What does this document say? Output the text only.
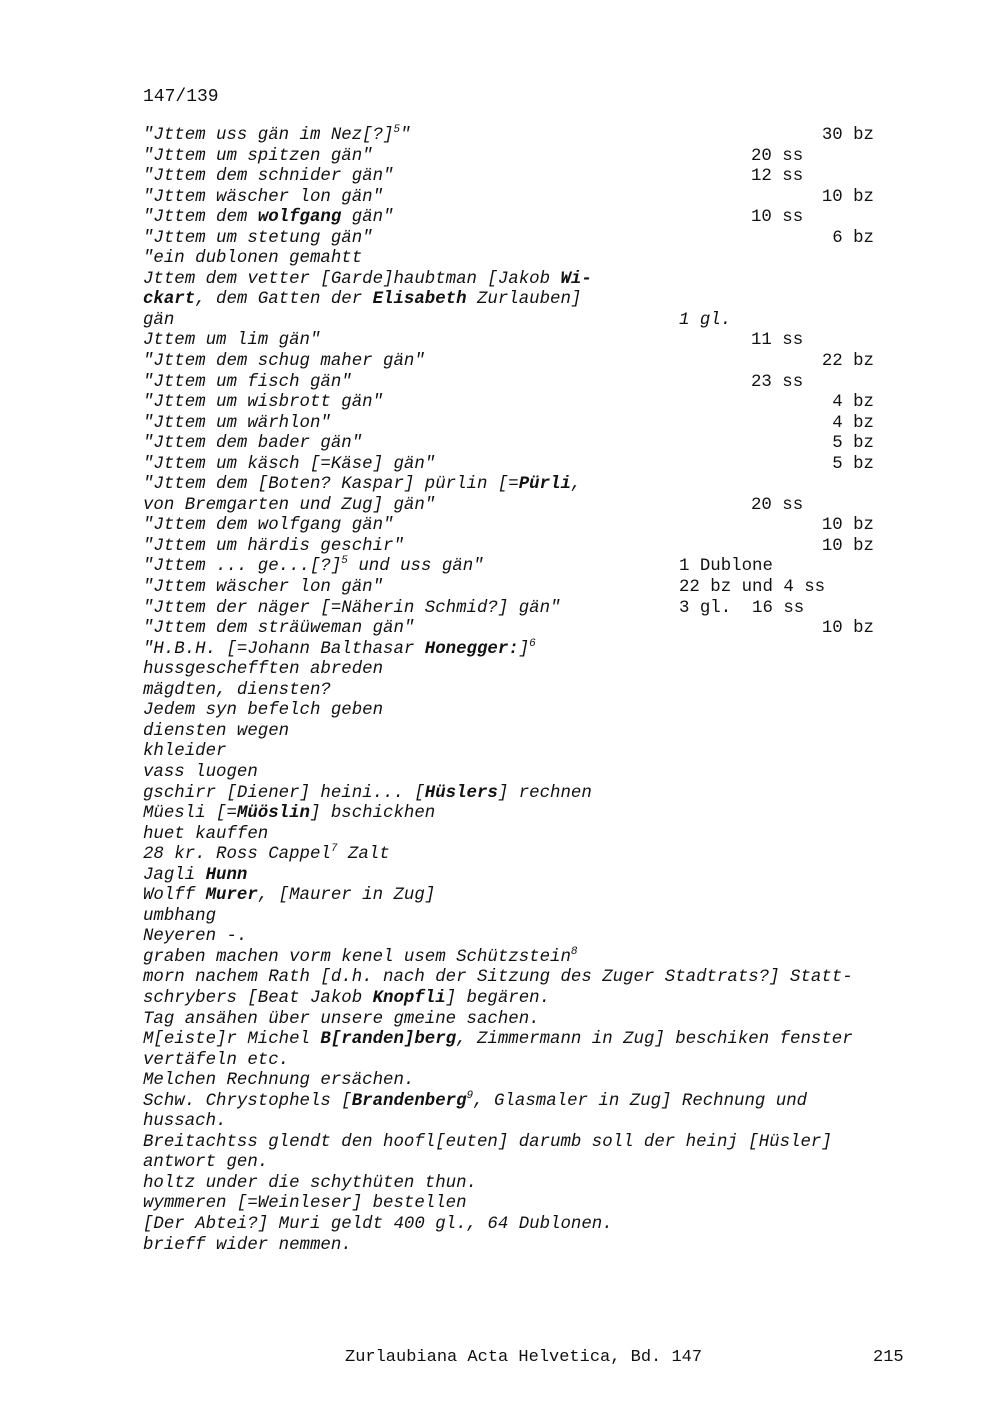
147/139
"Jttem uss gän im Nez[?]$^5$"	30 bz
"Jttem um spitzen gän"	20 ss
"Jttem dem schnider gän"	12 ss
"Jttem wäscher lon gän"	10 bz
"Jttem dem wolfgang gän"	10 ss
"Jttem um stetung gän"	6 bz
"ein dublonen gemahtt
Jttem dem vetter [Garde]haubtman [Jakob Wi-
ckart, dem Gatten der Elisabeth Zurlauben]
gän	1 gl.
Jttem um lim gän"	11 ss
"Jttem dem schug maher gän"	22 bz
"Jttem um fisch gän"	23 ss
"Jttem um wisbrott gän"	4 bz
"Jttem um wärhlon"	4 bz
"Jttem dem bader gän"	5 bz
"Jttem um käsch [=Käse] gän"	5 bz
"Jttem dem [Boten? Kaspar] pürlin [=Pürli,
von Bremgarten und Zug] gän"	20 ss
"Jttem dem wolfgang gän"	10 bz
"Jttem um härdis geschir"	10 bz
"Jttem ... ge...[?]$^5$ und uss gän"	1 Dublone
"Jttem wäscher lon gän"	22 bz und 4 ss
"Jttem der näger [=Näherin Schmid?] gän"	3 gl.  16 ss
"Jttem dem sträüweman gän"	10 bz
"H.B.H. [=Johann Balthasar Honegger:]$^6$
hussgeschefften abreden
mägdten, diensten?
Jedem syn befelch geben
diensten wegen
khleider
vass luogen
gschirr [Diener] heini... [Hüslers] rechnen
Müesli [=Müöslin] bschickhen
huet kauffen
28 kr. Ross Cappel$^7$ Zalt
Jagli Hunn
Wolff Murer, [Maurer in Zug]
umbhang
Neyeren -.
graben machen vorm kenel usem Schützstein$^8$
morn nachem Rath [d.h. nach der Sitzung des Zuger Stadtrats?] Statt-
schrybers [Beat Jakob Knopfli] begären.
Tag ansähen über unsere gmeine sachen.
M[eiste]r Michel B[randen]berg, Zimmermann in Zug] beschiken fenster
vertäfeln etc.
Melchen Rechnung ersächen.
Schw. Chrystophels [Brandenberg$^9$, Glasmaler in Zug] Rechnung und
hussach.
Breitachtss glendt den hoofl[euten] darumb soll der heinj [Hüsler]
antwort gen.
holtz under die schythüten thun.
wymmeren [=Weinleser] bestellen
[Der Abtei?] Muri geldt 400 gl., 64 Dublonen.
brieff wider nemmen.
Zurlaubiana Acta Helvetica, Bd. 147	215
